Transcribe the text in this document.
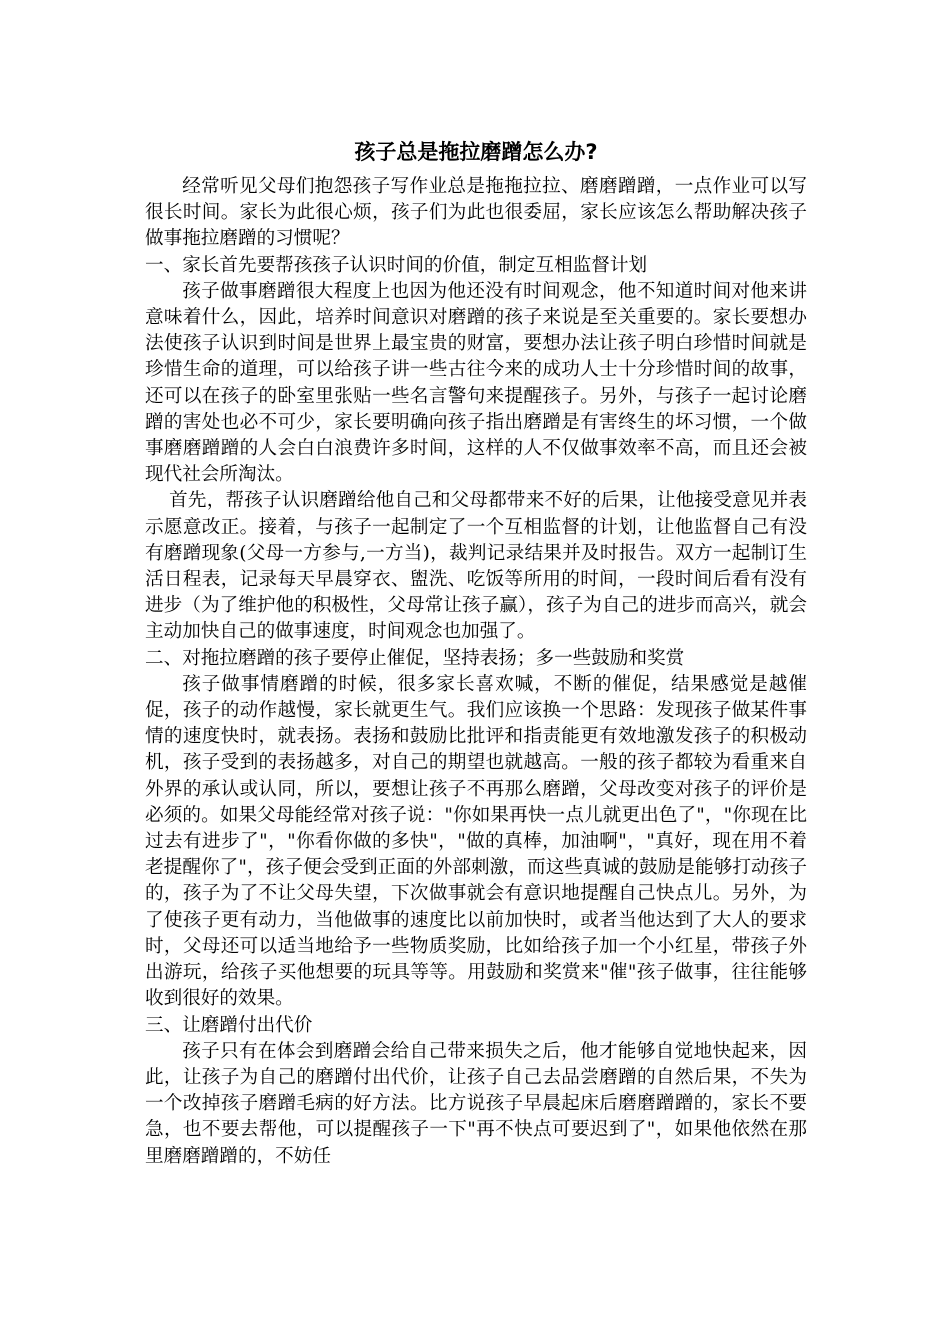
孩子总是拖拉磨蹭怎么办?

经常听见父母们抱怨孩子写作业总是拖拖拉拉、磨磨蹭蹭，一点作业可以写很长时间。家长为此很心烦，孩子们为此也很委屈，家长应该怎么帮助解决孩子做事拖拉磨蹭的习惯呢？

一、家长首先要帮孩孩子认识时间的价值，制定互相监督计划

孩子做事磨蹭很大程度上也因为他还没有时间观念，他不知道时间对他来讲意味着什么，因此，培养时间意识对磨蹭的孩子来说是至关重要的。家长要想办法使孩子认识到时间是世界上最宝贵的财富，要想办法让孩子明白珍惜时间就是珍惜生命的道理，可以给孩子讲一些古往今来的成功人士十分珍惜时间的故事，还可以在孩子的卧室里张贴一些名言警句来提醒孩子。另外，与孩子一起讨论磨蹭的害处也必不可少，家长要明确向孩子指出磨蹭是有害终生的坏习惯，一个做事磨磨蹭蹭的人会白白浪费许多时间，这样的人不仅做事效率不高，而且还会被现代社会所淘汰。

首先，帮孩子认识磨蹭给他自己和父母都带来不好的后果，让他接受意见并表示愿意改正。接着，与孩子一起制定了一个互相监督的计划，让他监督自己有没有磨蹭现象(父母一方参与,一方当)，裁判记录结果并及时报告。双方一起制订生活日程表，记录每天早晨穿衣、盥洗、吃饭等所用的时间，一段时间后看有没有进步（为了维护他的积极性，父母常让孩子赢），孩子为自己的进步而高兴，就会主动加快自己的做事速度，时间观念也加强了。

二、对拖拉磨蹭的孩子要停止催促，坚持表扬；多一些鼓励和奖赏

孩子做事情磨蹭的时候，很多家长喜欢喊，不断的催促，结果感觉是越催促，孩子的动作越慢，家长就更生气。我们应该换一个思路：发现孩子做某件事情的速度快时，就表扬。表扬和鼓励比批评和指责能更有效地激发孩子的积极动机，孩子受到的表扬越多，对自己的期望也就越高。一般的孩子都较为看重来自外界的承认或认同，所以，要想让孩子不再那么磨蹭，父母改变对孩子的评价是必须的。如果父母能经常对孩子说："你如果再快一点儿就更出色了"，"你现在比过去有进步了"，"你看你做的多快"，"做的真棒，加油啊"，"真好，现在用不着老提醒你了"，孩子便会受到正面的外部刺激，而这些真诚的鼓励是能够打动孩子的，孩子为了不让父母失望，下次做事就会有意识地提醒自己快点儿。另外，为了使孩子更有动力，当他做事的速度比以前加快时，或者当他达到了大人的要求时，父母还可以适当地给予一些物质奖励，比如给孩子加一个小红星，带孩子外出游玩，给孩子买他想要的玩具等等。用鼓励和奖赏来"催"孩子做事，往往能够收到很好的效果。

三、让磨蹭付出代价

孩子只有在体会到磨蹭会给自己带来损失之后，他才能够自觉地快起来，因此，让孩子为自己的磨蹭付出代价，让孩子自己去品尝磨蹭的自然后果，不失为一个改掉孩子磨蹭毛病的好方法。比方说孩子早晨起床后磨磨蹭蹭的，家长不要急，也不要去帮他，可以提醒孩子一下"再不快点可要迟到了"，如果他依然在那里磨磨蹭蹭的，不妨任
